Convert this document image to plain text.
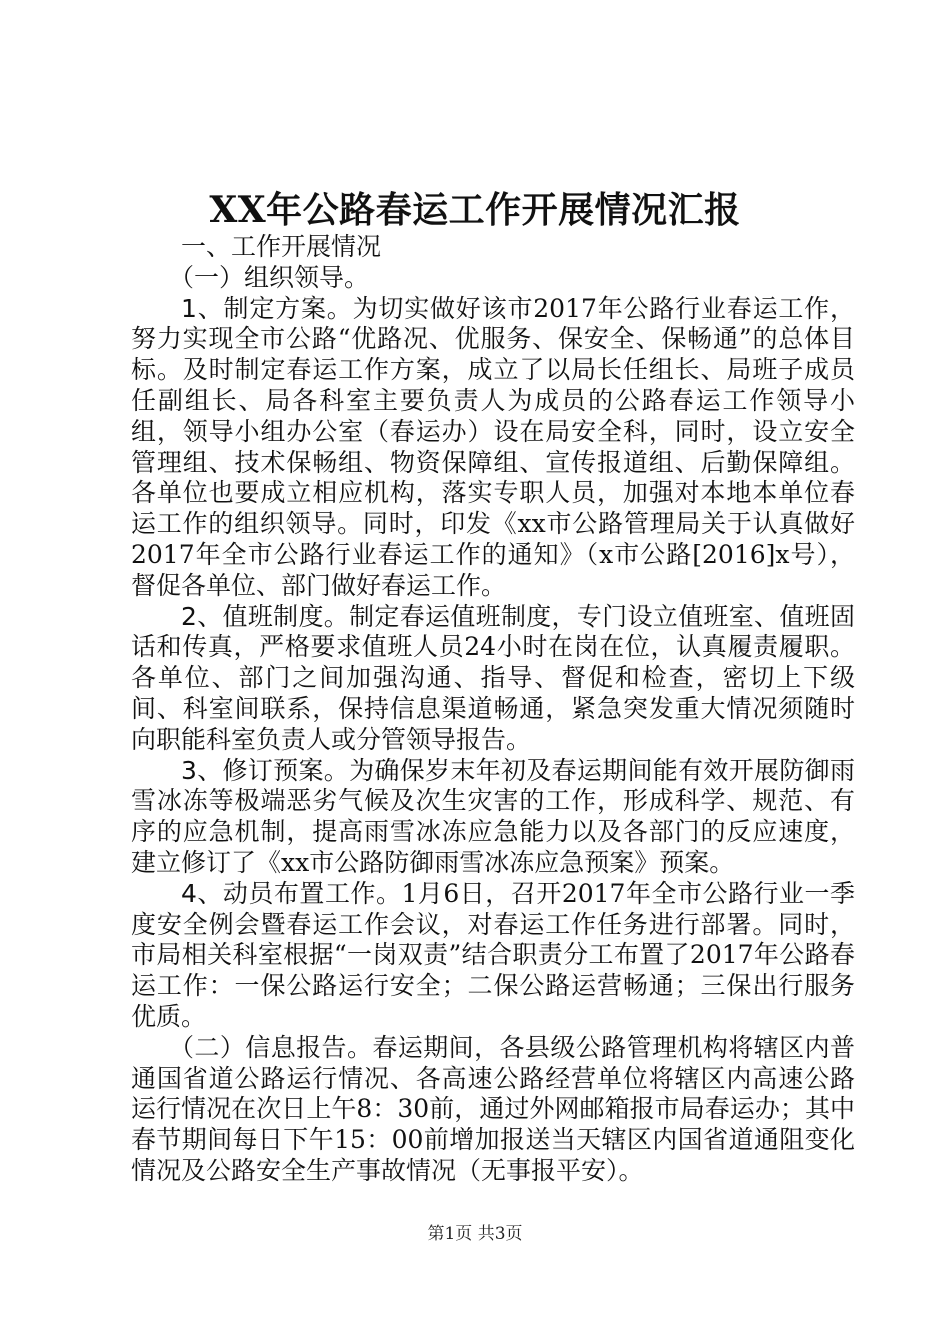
XX年公路春运工作开展情况汇报

一、工作开展情况

（一）组织领导。

1、制定方案。为切实做好该市2017年公路行业春运工作，努力实现全市公路“优路况、优服务、保安全、保畅通”的总体目标。及时制定春运工作方案，成立了以局长任组长、局班子成员任副组长、局各科室主要负责人为成员的公路春运工作领导小组，领导小组办公室（春运办）设在局安全科，同时，设立安全管理组、技术保畅组、物资保障组、宣传报道组、后勤保障组。各单位也要成立相应机构，落实专职人员，加强对本地本单位春运工作的组织领导。同时，印发《xx市公路管理局关于认真做好2017年全市公路行业春运工作的通知》（x市公路[2016]x号），督促各单位、部门做好春运工作。

2、值班制度。制定春运值班制度，专门设立值班室、值班固话和传真，严格要求值班人员24小时在岗在位，认真履责履职。各单位、部门之间加强沟通、指导、督促和检查，密切上下级间、科室间联系，保持信息渠道畅通，紧急突发重大情况须随时向职能科室负责人或分管领导报告。

3、修订预案。为确保岁末年初及春运期间能有效开展防御雨雪冰冻等极端恶劣气候及次生灾害的工作，形成科学、规范、有序的应急机制，提高雨雪冰冻应急能力以及各部门的反应速度，建立修订了《xx市公路防御雨雪冰冻应急预案》预案。

4、动员布置工作。1月6日，召开2017年全市公路行业一季度安全例会暨春运工作会议，对春运工作任务进行部署。同时，市局相关科室根据“一岗双责”结合职责分工布置了2017年公路春运工作：一保公路运行安全；二保公路运营畅通；三保出行服务优质。

（二）信息报告。春运期间，各县级公路管理机构将辖区内普通国省道公路运行情况、各高速公路经营单位将辖区内高速公路运行情况在次日上午8：30前，通过外网邮箱报市局春运办；其中春节期间每日下午15：00前增加报送当天辖区内国省道通阻变化情况及公路安全生产事故情况（无事报平安）。

第1页 共3页
